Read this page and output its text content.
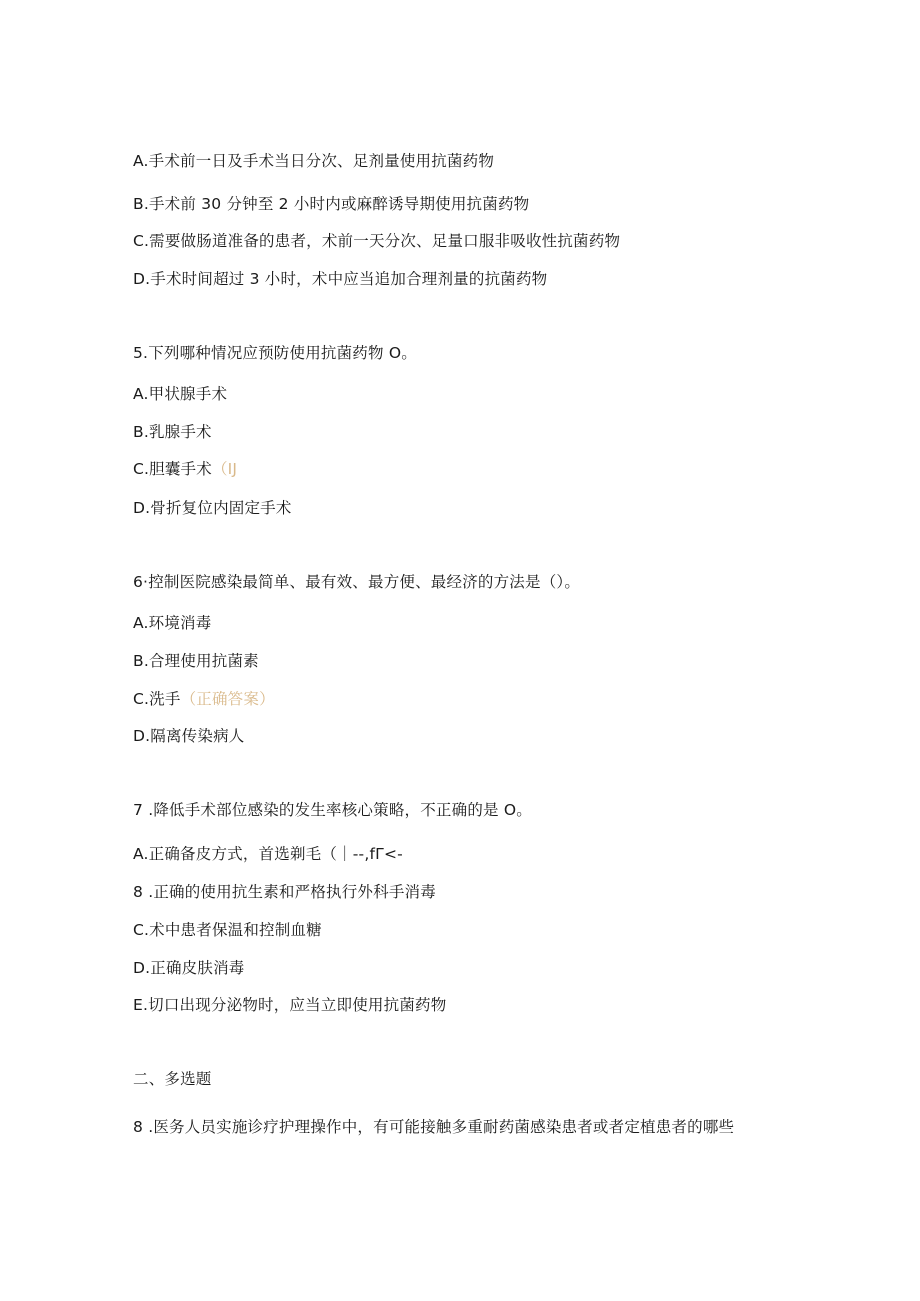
A.手术前一日及手术当日分次、足剂量使用抗菌药物
B.手术前 30 分钟至 2 小时内或麻醉诱导期使用抗菌药物
C.需要做肠道准备的患者，术前一天分次、足量口服非吸收性抗菌药物
D.手术时间超过 3 小时，术中应当追加合理剂量的抗菌药物
5.下列哪种情况应预防使用抗菌药物 O。
A.甲状腺手术
B.乳腺手术
C.胆囊手术（IJ
D.骨折复位内固定手术
6·控制医院感染最简单、最有效、最方便、最经济的方法是（）。
A.环境消毒
B.合理使用抗菌素
C.洗手（正确答案）
D.隔离传染病人
7 .降低手术部位感染的发生率核心策略，不正确的是 O。
A.正确备皮方式，首选剃毛（｜--,fΓ<-
8 .正确的使用抗生素和严格执行外科手消毒
C.术中患者保温和控制血糖
D.正确皮肤消毒
E.切口出现分泌物时，应当立即使用抗菌药物
二、多选题
8 .医务人员实施诊疗护理操作中，有可能接触多重耐药菌感染患者或者定植患者的哪些
